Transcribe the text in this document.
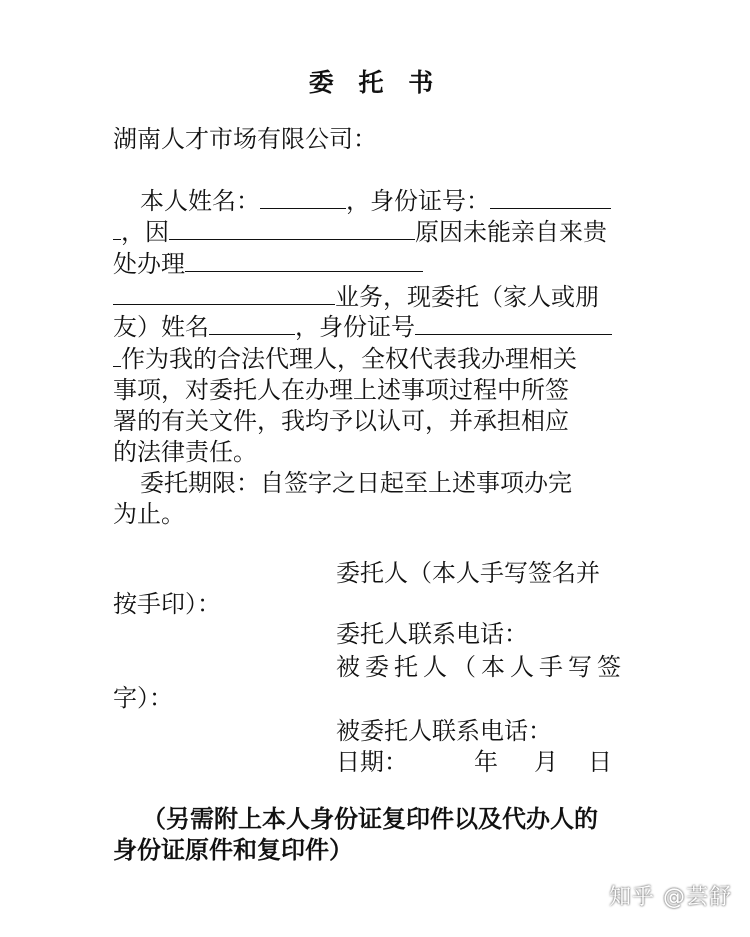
委 托 书
湖南人才市场有限公司：
本人姓名：	，身份证号：
，因	原因未能亲自来贵
处办理
业务，现委托（家人或朋
友）姓名	，身份证号
作为我的合法代理人，全权代表我办理相关
事项，对委托人在办理上述事项过程中所签
署的有关文件，我均予以认可，并承担相应
的法律责任。
委托期限：自签字之日起至上述事项办完
为止。
委托人（本人手写签名并
按手印）：
委托人联系电话：
被委托人（本人手写签
字）：
被委托人联系电话：
日期：	年 月 日
（另需附上本人身份证复印件以及代办人的
身份证原件和复印件）
知乎 @芸舒
